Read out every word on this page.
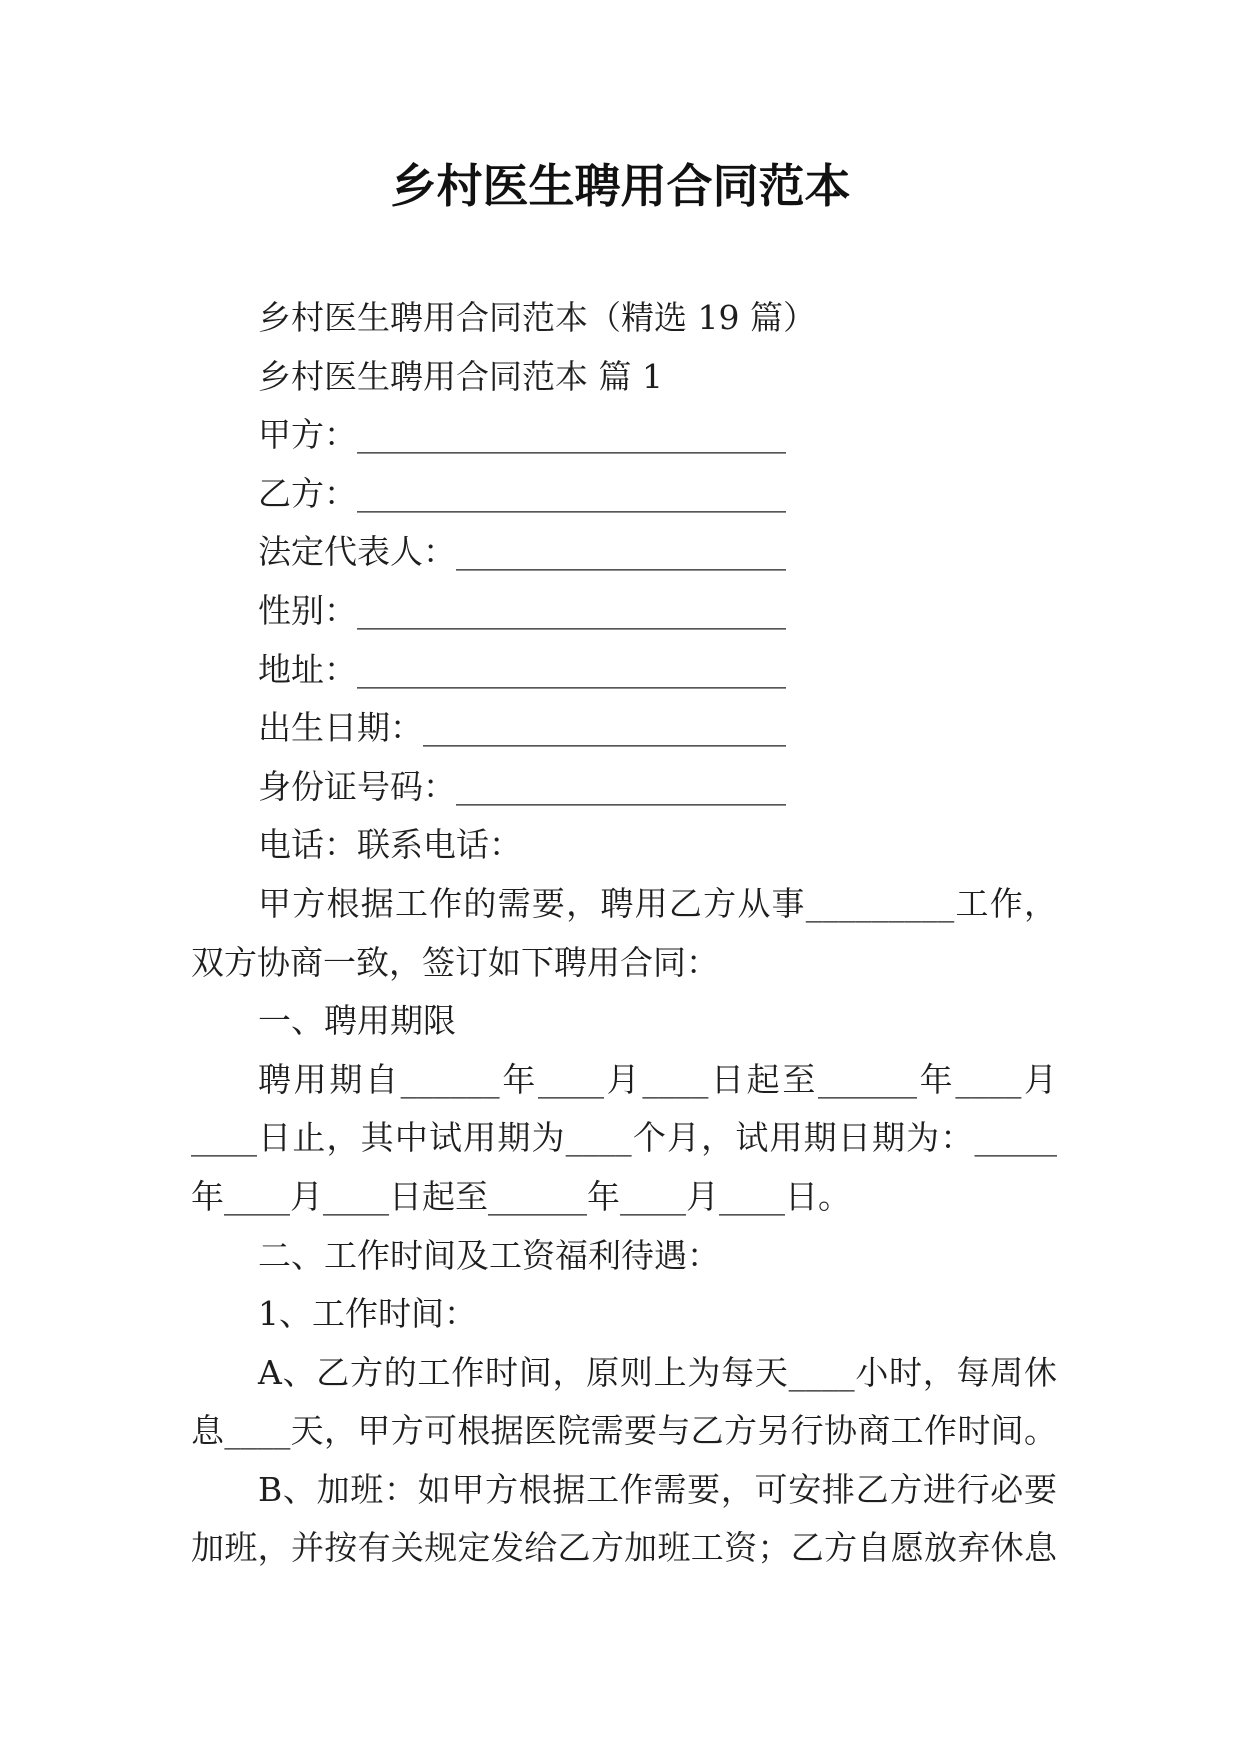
乡村医生聘用合同范本
乡村医生聘用合同范本（精选 19 篇）
乡村医生聘用合同范本 篇 1
甲方：__________________________
乙方：__________________________
法定代表人：____________________
性别：__________________________
地址：__________________________
出生日期：______________________
身份证号码：____________________
电话：联系电话：
甲方根据工作的需要，聘用乙方从事_________工作，
双方协商一致，签订如下聘用合同：
一、聘用期限
聘用期自______年____月____日起至______年____月
____日止，其中试用期为____个月，试用期日期为：_____
年____月____日起至______年____月____日。
二、工作时间及工资福利待遇：
1、工作时间：
A、乙方的工作时间，原则上为每天____小时，每周休
息____天，甲方可根据医院需要与乙方另行协商工作时间。
B、加班：如甲方根据工作需要，可安排乙方进行必要
加班，并按有关规定发给乙方加班工资；乙方自愿放弃休息
